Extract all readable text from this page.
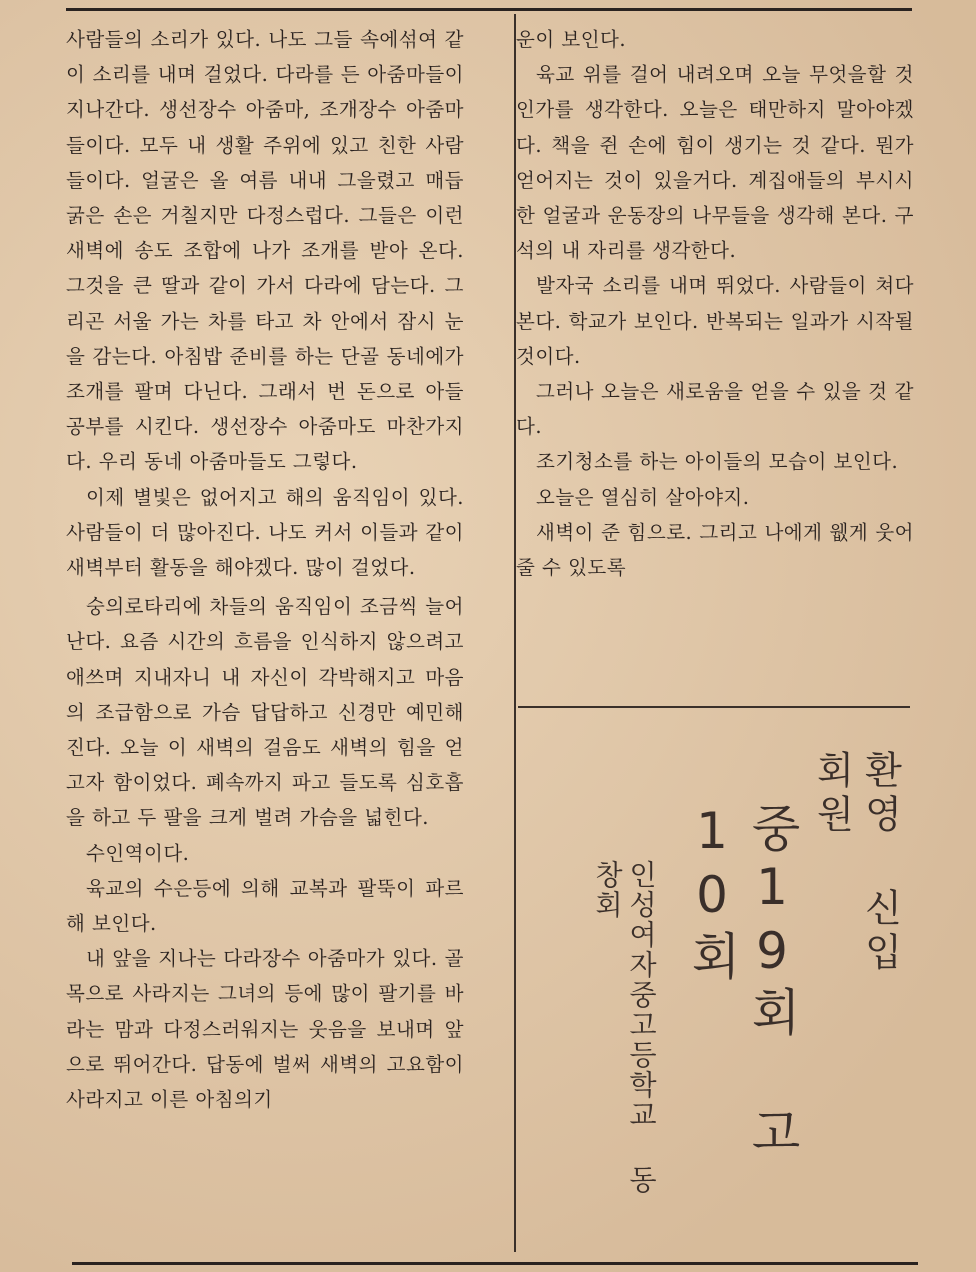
사람들의 소리가 있다. 나도 그들 속에섞여 같이 소리를 내며 걸었다. 다라를 든 아줌마들이 지나간다. 생선장수 아줌마, 조개장수 아줌마들이다. 모두 내 생활 주위에 있고 친한 사람들이다. 얼굴은 올 여름 내내 그을렸고 매듭 굵은 손은 거칠지만 다정스럽다. 그들은 이런 새벽에 송도 조합에 나가 조개를 받아 온다. 그것을 큰 딸과 같이 가서 다라에 담는다. 그리곤 서울 가는 차를 타고 차 안에서 잠시 눈을 감는다. 아침밥 준비를 하는 단골 동네에가 조개를 팔며 다닌다. 그래서 번 돈으로 아들 공부를 시킨다. 생선장수 아줌마도 마찬가지다. 우리 동네 아줌마들도 그렇다.

이제 별빛은 없어지고 해의 움직임이 있다. 사람들이 더 많아진다. 나도 커서 이들과 같이 새벽부터 활동을 해야겠다. 많이 걸었다.

숭의로타리에 차들의 움직임이 조금씩 늘어난다. 요즘 시간의 흐름을 인식하지 않으려고 애쓰며 지내자니 내 자신이 각박해지고 마음의 조급함으로 가슴 답답하고 신경만 예민해진다. 오늘 이 새벽의 걸음도 새벽의 힘을 얻고자 함이었다. 폐속까지 파고 들도록 심호흡을 하고 두 팔을 크게 벌려 가슴을 넓힌다.

수인역이다.

육교의 수은등에 의해 교복과 팔뚝이 파르해 보인다.

내 앞을 지나는 다라장수 아줌마가 있다. 골목으로 사라지는 그녀의 등에 많이 팔기를 바라는 맘과 다정스러워지는 웃음을 보내며 앞으로 뛰어간다. 답동에 벌써 새벽의 고요함이 사라지고 이른 아침의기

운이 보인다.

육교 위를 걸어 내려오며 오늘 무엇을할 것인가를 생각한다. 오늘은 태만하지 말아야겠다. 책을 쥔 손에 힘이 생기는 것 같다. 뭔가 얻어지는 것이 있을거다. 계집애들의 부시시한 얼굴과 운동장의 나무들을 생각해 본다. 구석의 내 자리를 생각한다.

발자국 소리를 내며 뛰었다. 사람들이 쳐다본다. 학교가 보인다. 반복되는 일과가 시작될 것이다.

그러나 오늘은 새로움을 얻을 수 있을 것 같다.

조기청소를 하는 아이들의 모습이 보인다.

오늘은 열심히 살아야지.

새벽이 준 힘으로. 그리고 나에게 웺게 웃어 줄 수 있도록

환영 신입회원
중19회 고10회
인성여자중고등학교 동창회
